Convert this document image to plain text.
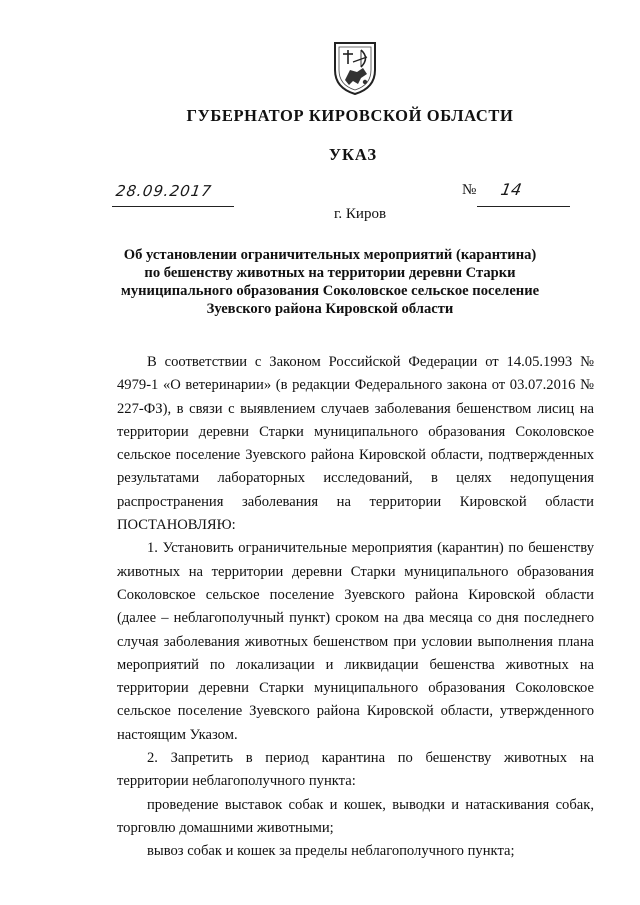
ГУБЕРНАТОР КИРОВСКОЙ ОБЛАСТИ
УКАЗ
28.09.2017	№ 14
г. Киров
Об установлении ограничительных мероприятий (карантина)
по бешенству животных на территории деревни Старки
муниципального образования Соколовское сельское поселение
Зуевского района Кировской области

В соответствии с Законом Российской Федерации от 14.05.1993 № 4979-1 «О ветеринарии» (в редакции Федерального закона от 03.07.2016 № 227-ФЗ), в связи с выявлением случаев заболевания бешенством лисиц на территории деревни Старки муниципального образования Соколовское сельское поселение Зуевского района Кировской области, подтвержденных результатами лабораторных исследований, в целях недопущения распространения заболевания на территории Кировской области ПОСТАНОВЛЯЮ:

1. Установить ограничительные мероприятия (карантин) по бешенству животных на территории деревни Старки муниципального образования Соколовское сельское поселение Зуевского района Кировской области (далее – неблагополучный пункт) сроком на два месяца со дня последнего случая заболевания животных бешенством при условии выполнения плана мероприятий по локализации и ликвидации бешенства животных на территории деревни Старки муниципального образования Соколовское сельское поселение Зуевского района Кировской области, утвержденного настоящим Указом.

2. Запретить в период карантина по бешенству животных на территории неблагополучного пункта:

проведение выставок собак и кошек, выводки и натаскивания собак, торговлю домашними животными;

вывоз собак и кошек за пределы неблагополучного пункта;
